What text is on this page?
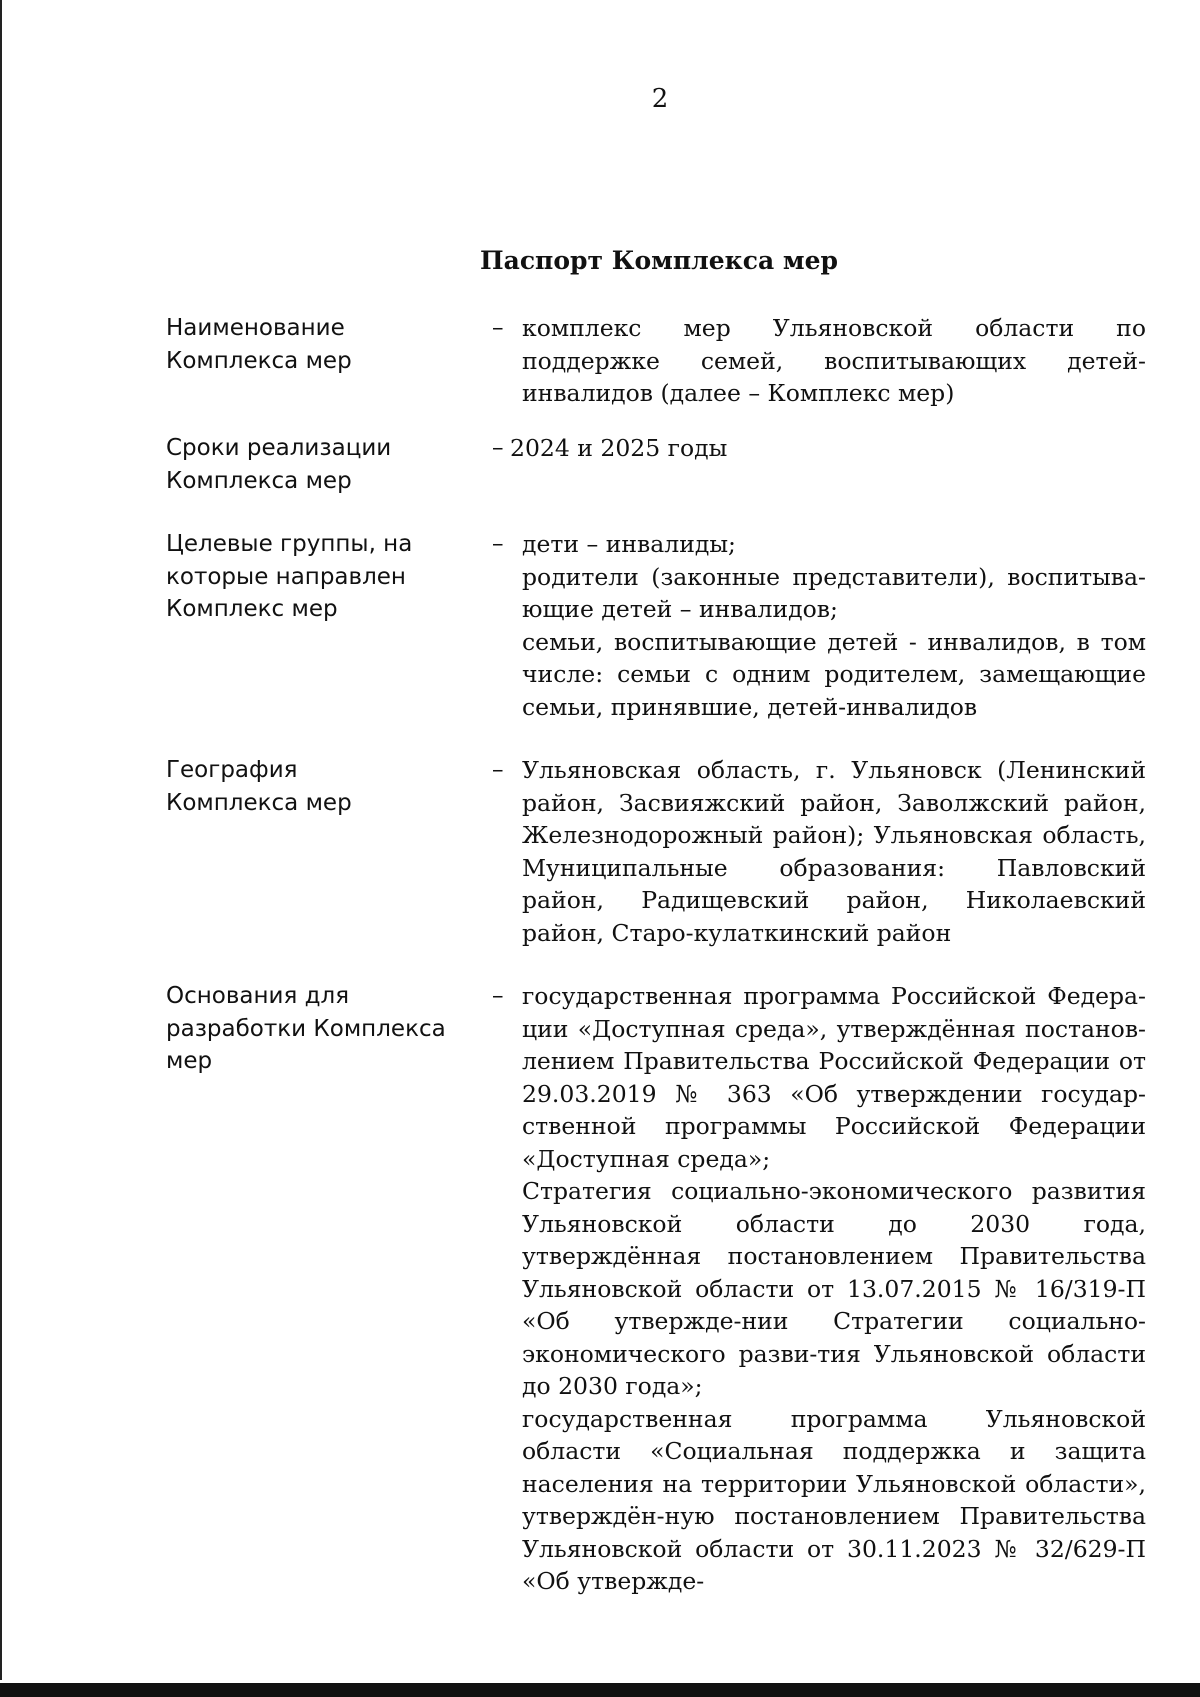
2
Паспорт Комплекса мер
Наименование
Комплекса мер
– комплекс мер Ульяновской области по поддержке семей, воспитывающих детей-инвалидов (далее – Комплекс мер)

Сроки реализации
Комплекса мер
– 2024 и 2025 годы

Целевые группы, на
которые направлен
Комплекс мер
– дети – инвалиды;

родители (законные представители), воспитыва-ющие детей – инвалидов;

семьи, воспитывающие детей - инвалидов, в том числе: семьи с одним родителем, замещающие семьи, принявшие, детей-инвалидов

География
Комплекса мер
– Ульяновская область, г. Ульяновск (Ленинский район, Засвияжский район, Заволжский район, Железнодорожный район); Ульяновская область, Муниципальные образования: Павловский район, Радищевский район, Николаевский район, Старо-кулаткинский район

Основания для
разработки Комплекса
мер
– государственная программа Российской Федера-ции «Доступная среда», утверждённая постанов-лением Правительства Российской Федерации от 29.03.2019 № 363 «Об утверждении государ-ственной программы Российской Федерации «Доступная среда»;

Стратегия социально-экономического развития Ульяновской области до 2030 года, утверждённая постановлением Правительства Ульяновской области от 13.07.2015 № 16/319-П «Об утвержде-нии Стратегии социально-экономического разви-тия Ульяновской области до 2030 года»;

государственная программа Ульяновской области «Социальная поддержка и защита населения на территории Ульяновской области», утверждён-ную постановлением Правительства Ульяновской области от 30.11.2023 № 32/629-П «Об утвержде-
